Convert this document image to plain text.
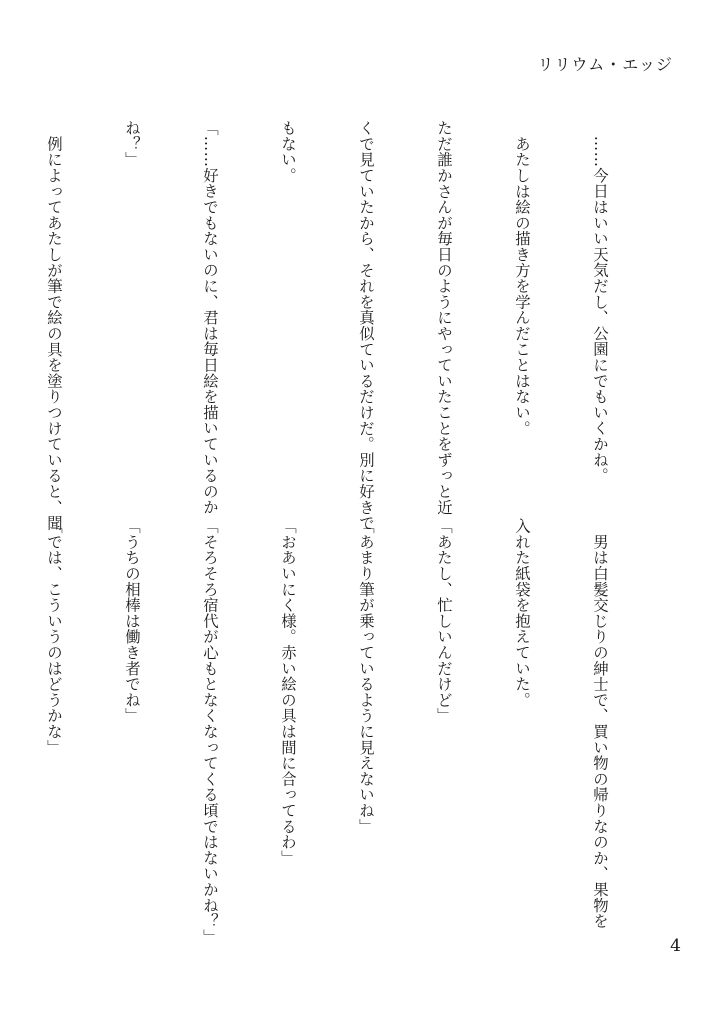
リリウム・エッジ

　……今日はいい天気だし、公園にでもいくかね。

　あたしは絵の描き方を学んだことはない。

ただ誰かさんが毎日のようにやっていたことをずっと近

くで見ていたから、それを真似ているだけだ。別に好きで

もない。

「……好きでもないのに、君は毎日絵を描いているのか

ね？」

　例によってあたしが筆で絵の具を塗りつけていると、聞

　男は白髪交じりの紳士で、買い物の帰りなのか、果物を

入れた紙袋を抱えていた。

「あたし、忙しいんだけど」

「あまり筆が乗っているように見えないね」

「おあいにく様。赤い絵の具は間に合ってるわ」

「そろそろ宿代が心もとなくなってくる頃ではないかね？」

「うちの相棒は働き者でね」

「では、こういうのはどうかな」

4
